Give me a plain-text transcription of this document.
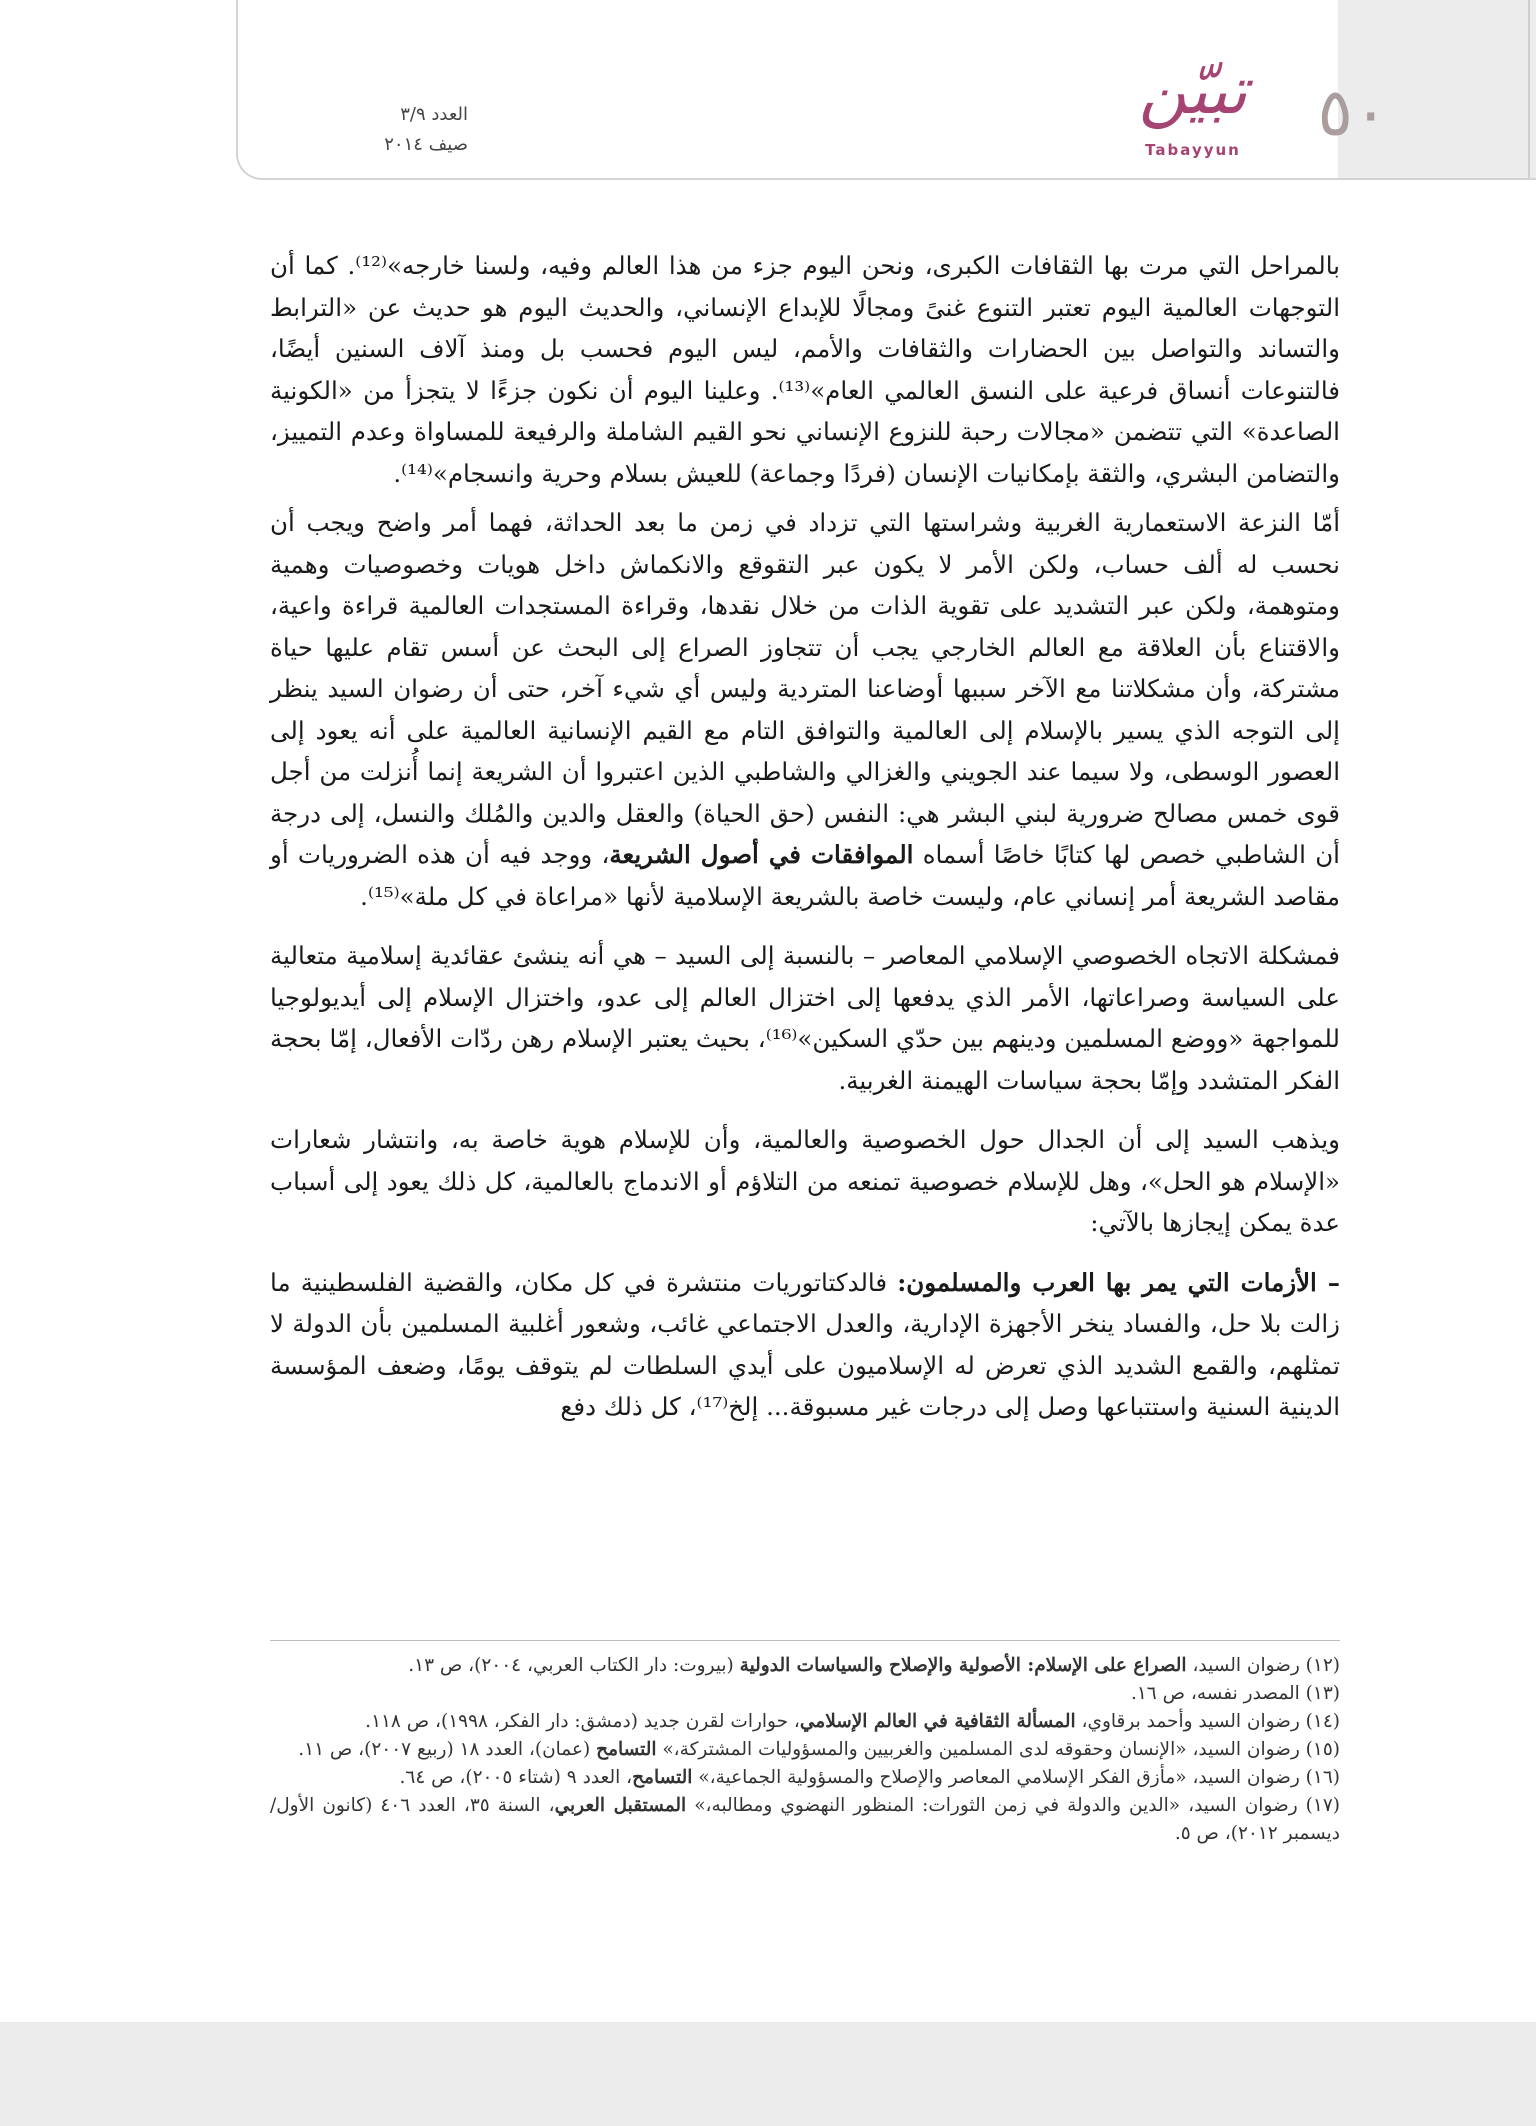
٥٠
تبيّن
Tabayyun
العدد ٣/٩
صيف ٢٠١٤

بالمراحل التي مرت بها الثقافات الكبرى، ونحن اليوم جزء من هذا العالم وفيه، ولسنا خارجه»⁽¹²⁾. كما أن التوجهات العالمية اليوم تعتبر التنوع غنىً ومجالًا للإبداع الإنساني، والحديث اليوم هو حديث عن «الترابط والتساند والتواصل بين الحضارات والثقافات والأمم، ليس اليوم فحسب بل ومنذ آلاف السنين أيضًا، فالتنوعات أنساق فرعية على النسق العالمي العام»⁽¹³⁾. وعلينا اليوم أن نكون جزءًا لا يتجزأ من «الكونية الصاعدة» التي تتضمن «مجالات رحبة للنزوع الإنساني نحو القيم الشاملة والرفيعة للمساواة وعدم التمييز، والتضامن البشري، والثقة بإمكانيات الإنسان (فردًا وجماعة) للعيش بسلام وحرية وانسجام»⁽¹⁴⁾.

أمّا النزعة الاستعمارية الغربية وشراستها التي تزداد في زمن ما بعد الحداثة، فهما أمر واضح ويجب أن نحسب له ألف حساب، ولكن الأمر لا يكون عبر التقوقع والانكماش داخل هويات وخصوصيات وهمية ومتوهمة، ولكن عبر التشديد على تقوية الذات من خلال نقدها، وقراءة المستجدات العالمية قراءة واعية، والاقتناع بأن العلاقة مع العالم الخارجي يجب أن تتجاوز الصراع إلى البحث عن أسس تقام عليها حياة مشتركة، وأن مشكلاتنا مع الآخر سببها أوضاعنا المتردية وليس أي شيء آخر، حتى أن رضوان السيد ينظر إلى التوجه الذي يسير بالإسلام إلى العالمية والتوافق التام مع القيم الإنسانية العالمية على أنه يعود إلى العصور الوسطى، ولا سيما عند الجويني والغزالي والشاطبي الذين اعتبروا أن الشريعة إنما أُنزلت من أجل قوى خمس مصالح ضرورية لبني البشر هي: النفس (حق الحياة) والعقل والدين والمُلك والنسل، إلى درجة أن الشاطبي خصص لها كتابًا خاصًا أسماه الموافقات في أصول الشريعة، ووجد فيه أن هذه الضروريات أو مقاصد الشريعة أمر إنساني عام، وليست خاصة بالشريعة الإسلامية لأنها «مراعاة في كل ملة»⁽¹⁵⁾.

فمشكلة الاتجاه الخصوصي الإسلامي المعاصر – بالنسبة إلى السيد – هي أنه ينشئ عقائدية إسلامية متعالية على السياسة وصراعاتها، الأمر الذي يدفعها إلى اختزال العالم إلى عدو، واختزال الإسلام إلى أيديولوجيا للمواجهة «ووضع المسلمين ودينهم بين حدّي السكين»⁽¹⁶⁾، بحيث يعتبر الإسلام رهن ردّات الأفعال، إمّا بحجة الفكر المتشدد وإمّا بحجة سياسات الهيمنة الغربية.

ويذهب السيد إلى أن الجدال حول الخصوصية والعالمية، وأن للإسلام هوية خاصة به، وانتشار شعارات «الإسلام هو الحل»، وهل للإسلام خصوصية تمنعه من التلاؤم أو الاندماج بالعالمية، كل ذلك يعود إلى أسباب عدة يمكن إيجازها بالآتي:

– الأزمات التي يمر بها العرب والمسلمون: فالدكتاتوريات منتشرة في كل مكان، والقضية الفلسطينية ما زالت بلا حل، والفساد ينخر الأجهزة الإدارية، والعدل الاجتماعي غائب، وشعور أغلبية المسلمين بأن الدولة لا تمثلهم، والقمع الشديد الذي تعرض له الإسلاميون على أيدي السلطات لم يتوقف يومًا، وضعف المؤسسة الدينية السنية واستتباعها وصل إلى درجات غير مسبوقة... إلخ⁽¹⁷⁾، كل ذلك دفع

(١٢) رضوان السيد، الصراع على الإسلام: الأصولية والإصلاح والسياسات الدولية (بيروت: دار الكتاب العربي، ٢٠٠٤)، ص ١٣.

(١٣) المصدر نفسه، ص ١٦.

(١٤) رضوان السيد وأحمد برقاوي، المسألة الثقافية في العالم الإسلامي، حوارات لقرن جديد (دمشق: دار الفكر، ١٩٩٨)، ص ١١٨.

(١٥) رضوان السيد، «الإنسان وحقوقه لدى المسلمين والغربيين والمسؤوليات المشتركة،» التسامح (عمان)، العدد ١٨ (ربيع ٢٠٠٧)، ص ١١.

(١٦) رضوان السيد، «مأزق الفكر الإسلامي المعاصر والإصلاح والمسؤولية الجماعية،» التسامح، العدد ٩ (شتاء ٢٠٠٥)، ص ٦٤.

(١٧) رضوان السيد، «الدين والدولة في زمن الثورات: المنظور النهضوي ومطالبه،» المستقبل العربي، السنة ٣٥، العدد ٤٠٦ (كانون الأول/ ديسمبر ٢٠١٢)، ص ٥.
